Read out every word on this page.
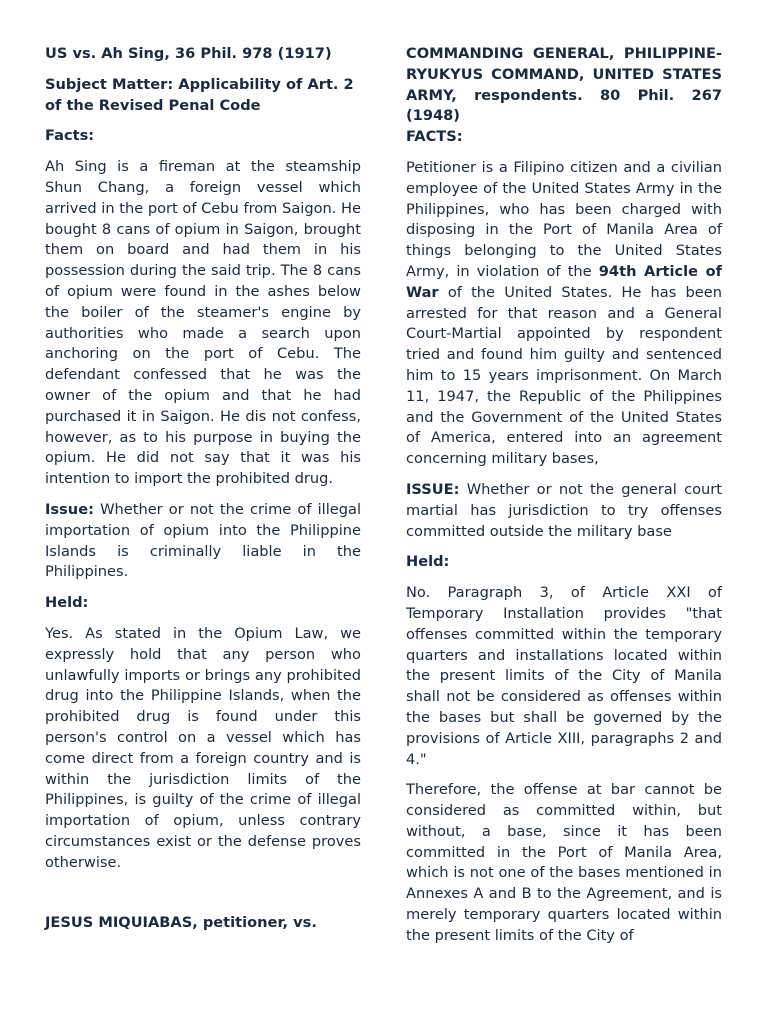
US vs. Ah Sing, 36 Phil. 978 (1917)

Subject Matter: Applicability of Art. 2 of the Revised Penal Code

Facts:

Ah Sing is a fireman at the steamship Shun Chang, a foreign vessel which arrived in the port of Cebu from Saigon. He bought 8 cans of opium in Saigon, brought them on board and had them in his possession during the said trip. The 8 cans of opium were found in the ashes below the boiler of the steamer's engine by authorities who made a search upon anchoring on the port of Cebu. The defendant confessed that he was the owner of the opium and that he had purchased it in Saigon. He dis not confess, however, as to his purpose in buying the opium. He did not say that it was his intention to import the prohibited drug.

Issue: Whether or not the crime of illegal importation of opium into the Philippine Islands is criminally liable in the Philippines.

Held:

Yes. As stated in the Opium Law, we expressly hold that any person who unlawfully imports or brings any prohibited drug into the Philippine Islands, when the prohibited drug is found under this person's control on a vessel which has come direct from a foreign country and is within the jurisdiction limits of the Philippines, is guilty of the crime of illegal importation of opium, unless contrary circumstances exist or the defense proves otherwise.

JESUS MIQUIABAS, petitioner, vs.

COMMANDING GENERAL, PHILIPPINE-RYUKYUS COMMAND, UNITED STATES ARMY, respondents. 80 Phil. 267 (1948)

FACTS:

Petitioner is a Filipino citizen and a civilian employee of the United States Army in the Philippines, who has been charged with disposing in the Port of Manila Area of things belonging to the United States Army, in violation of the 94th Article of War of the United States. He has been arrested for that reason and a General Court-Martial appointed by respondent tried and found him guilty and sentenced him to 15 years imprisonment. On March 11, 1947, the Republic of the Philippines and the Government of the United States of America, entered into an agreement concerning military bases,

ISSUE: Whether or not the general court martial has jurisdiction to try offenses committed outside the military base

Held:

No. Paragraph 3, of Article XXI of Temporary Installation provides "that offenses committed within the temporary quarters and installations located within the present limits of the City of Manila shall not be considered as offenses within the bases but shall be governed by the provisions of Article XIII, paragraphs 2 and 4."

Therefore, the offense at bar cannot be considered as committed within, but without, a base, since it has been committed in the Port of Manila Area, which is not one of the bases mentioned in Annexes A and B to the Agreement, and is merely temporary quarters located within the present limits of the City of
